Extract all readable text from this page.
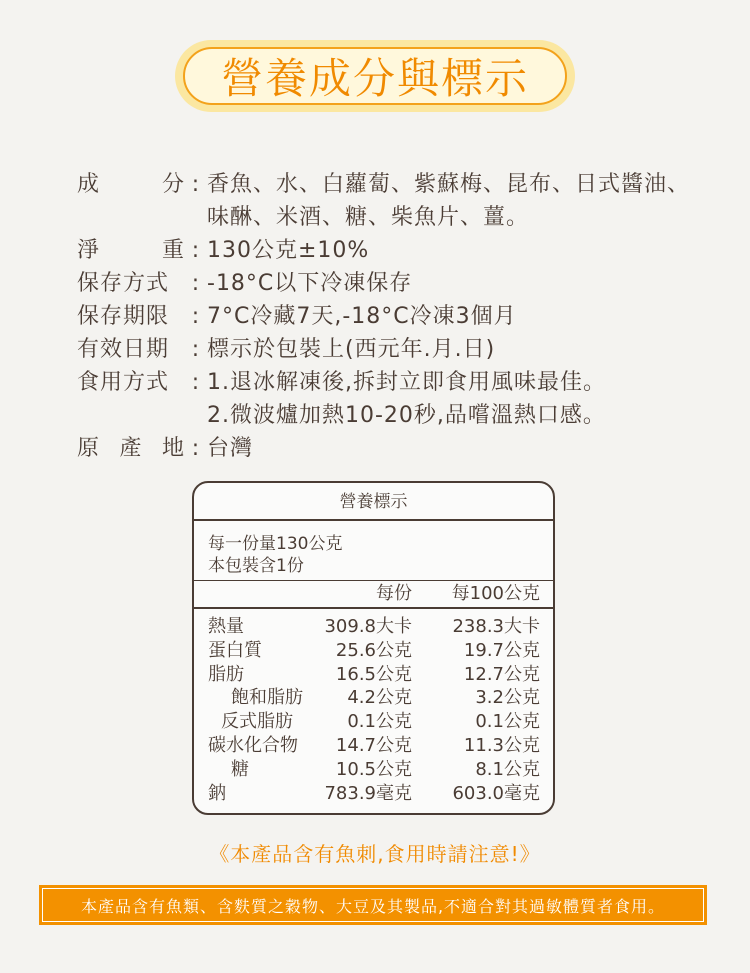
營養成分與標示
成	分 : 香魚、水、白蘿蔔、紫蘇梅、昆布、日式醬油、
味醂、米酒、糖、柴魚片、薑。
淨	重 : 130公克±10%
保存方式	: -18°C以下冷凍保存
保存期限	: 7°C冷藏7天,-18°C冷凍3個月
有效日期	: 標示於包裝上(西元年.月.日)
食用方式	: 1.退冰解凍後,拆封立即食用風味最佳。
2.微波爐加熱10-20秒,品嚐溫熱口感。
原 產 地 : 台灣
營養標示
每一份量130公克
本包裝含1份
每份 每100公克
熱量	309.8大卡 238.3大卡
蛋白質	25.6公克	19.7公克
脂肪	16.5公克	12.7公克
飽和脂肪 4.2公克	3.2公克
反式脂肪	0.1公克	0.1公克
碳水化合物 14.7公克	11.3公克
糖	10.5公克	8.1公克
鈉	783.9毫克 603.0毫克
《本產品含有魚刺,食用時請注意!》
本產品含有魚類、含麩質之穀物、大豆及其製品,不適合對其過敏體質者食用。
